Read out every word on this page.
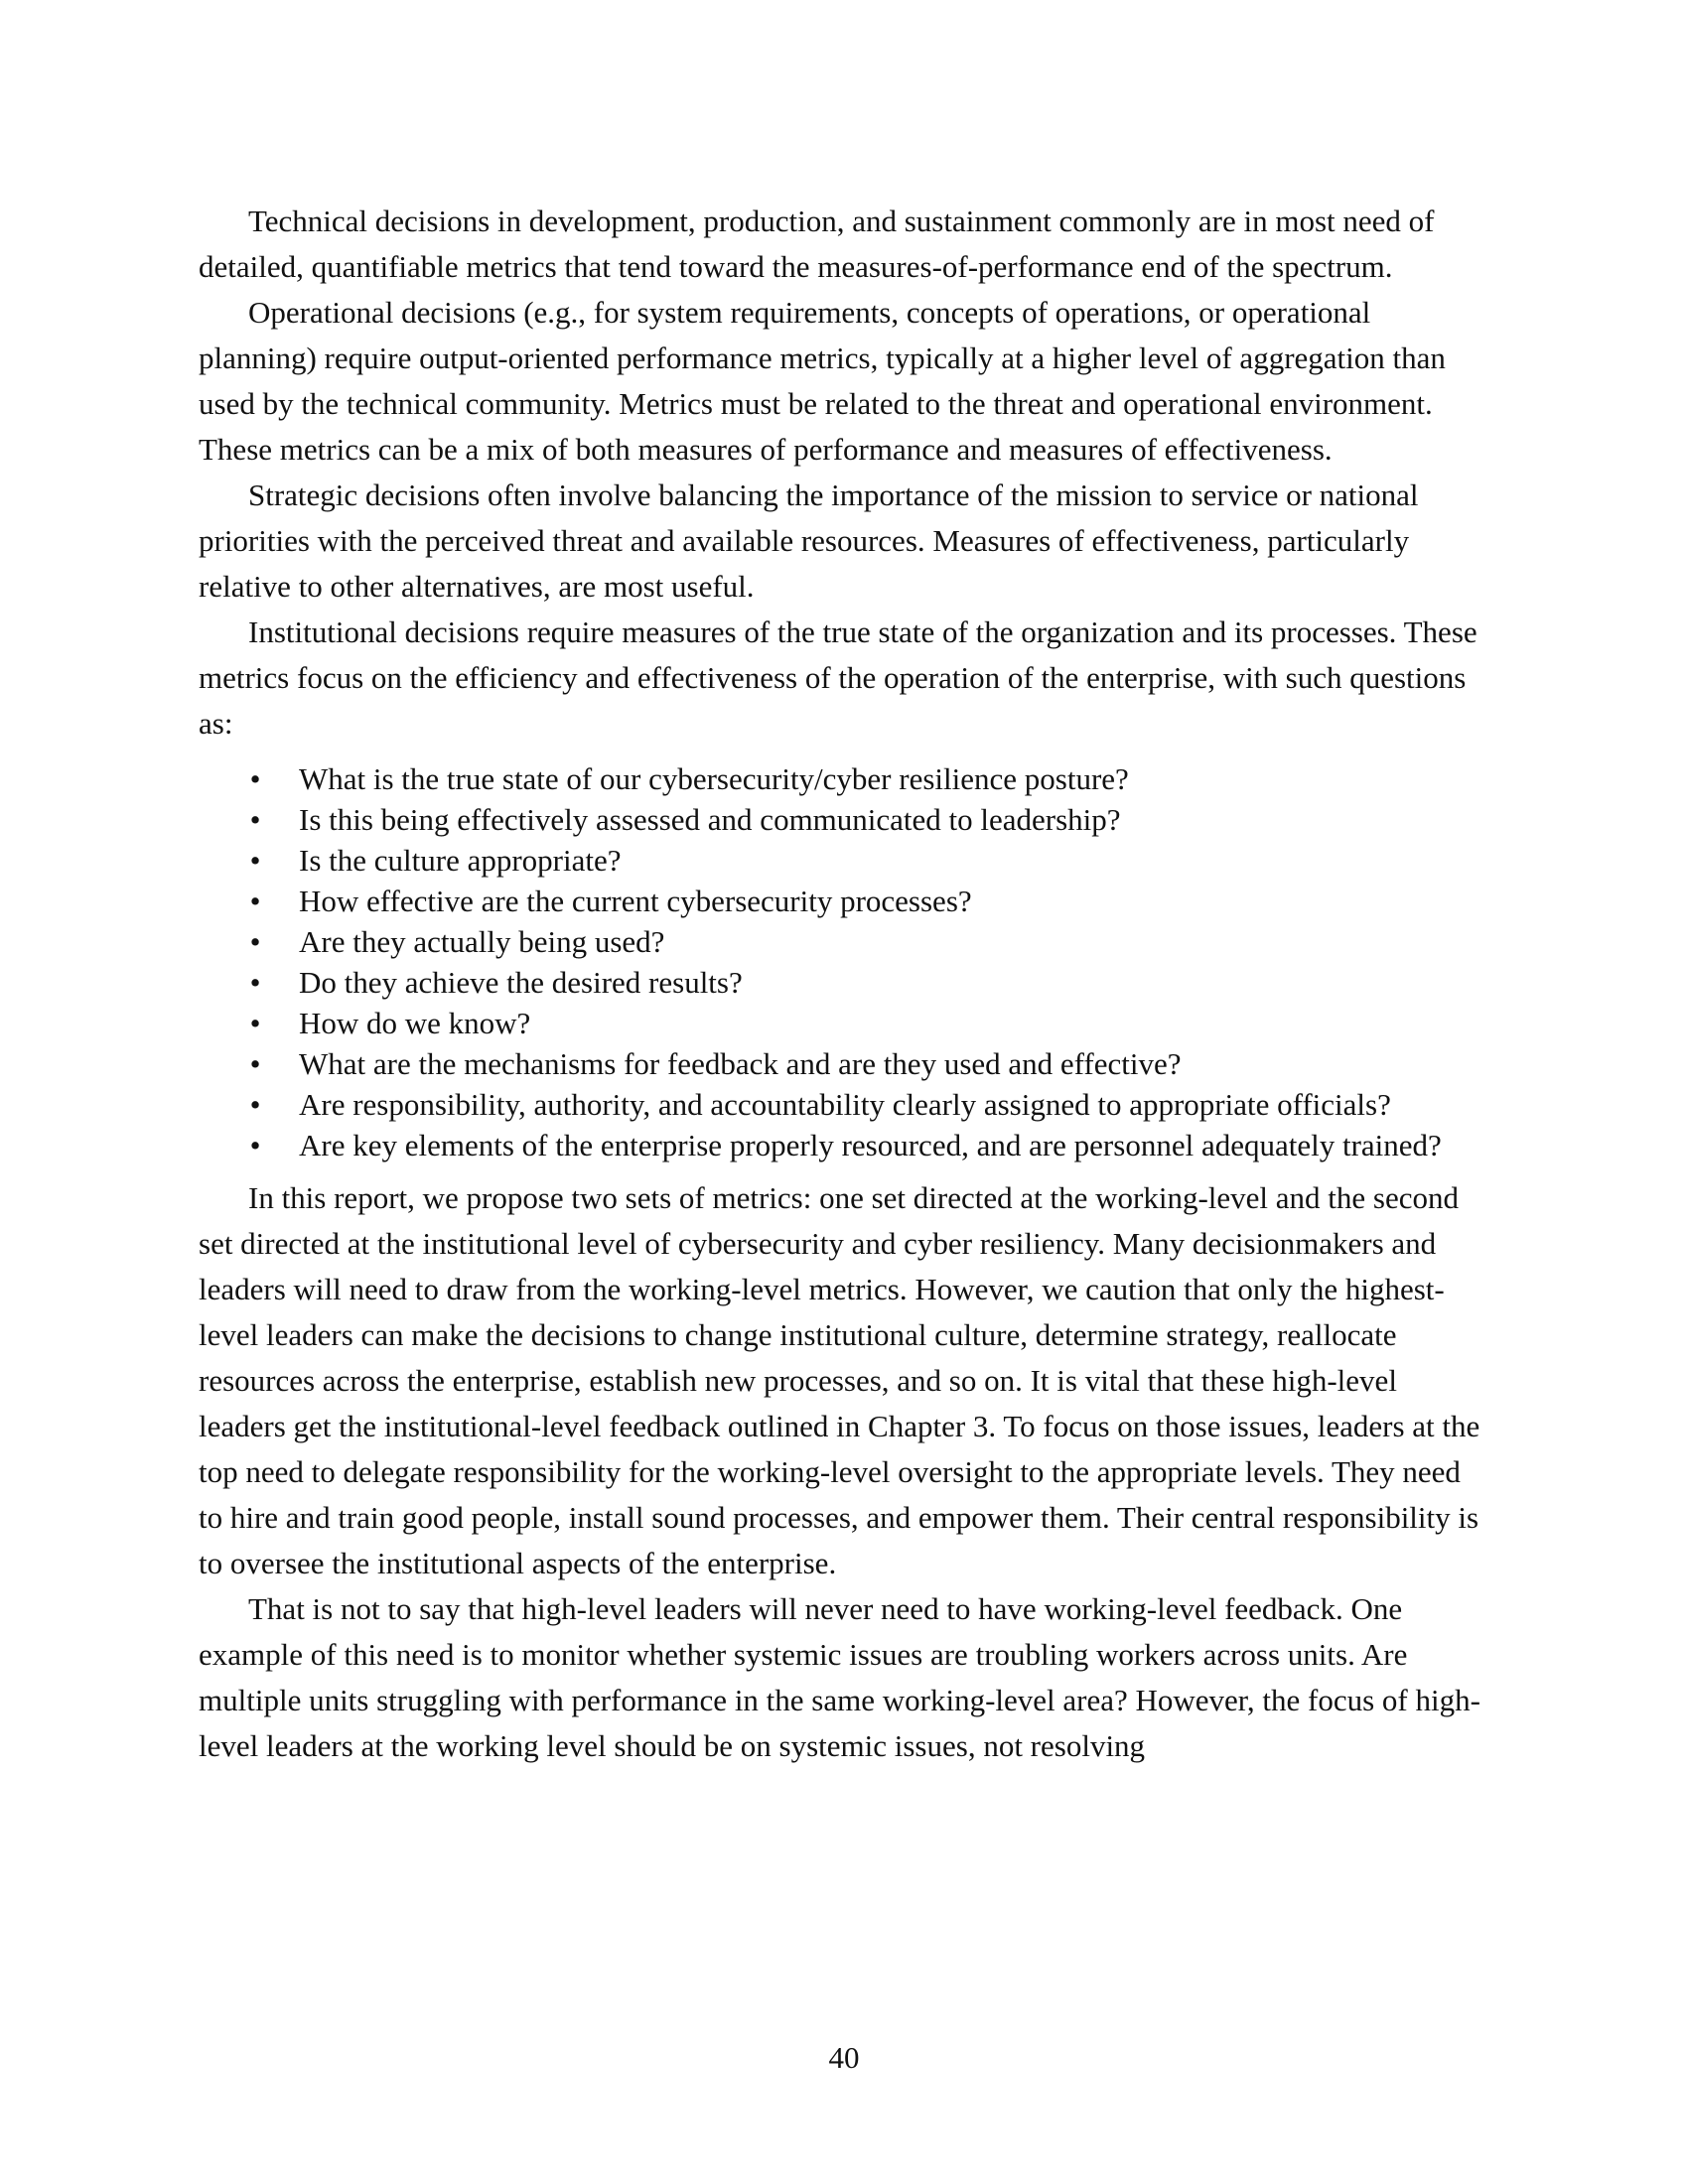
Technical decisions in development, production, and sustainment commonly are in most need of detailed, quantifiable metrics that tend toward the measures-of-performance end of the spectrum.

Operational decisions (e.g., for system requirements, concepts of operations, or operational planning) require output-oriented performance metrics, typically at a higher level of aggregation than used by the technical community. Metrics must be related to the threat and operational environment. These metrics can be a mix of both measures of performance and measures of effectiveness.

Strategic decisions often involve balancing the importance of the mission to service or national priorities with the perceived threat and available resources. Measures of effectiveness, particularly relative to other alternatives, are most useful.

Institutional decisions require measures of the true state of the organization and its processes. These metrics focus on the efficiency and effectiveness of the operation of the enterprise, with such questions as:

• What is the true state of our cybersecurity/cyber resilience posture?
• Is this being effectively assessed and communicated to leadership?
• Is the culture appropriate?
• How effective are the current cybersecurity processes?
• Are they actually being used?
• Do they achieve the desired results?
• How do we know?
• What are the mechanisms for feedback and are they used and effective?
• Are responsibility, authority, and accountability clearly assigned to appropriate officials?
• Are key elements of the enterprise properly resourced, and are personnel adequately trained?

In this report, we propose two sets of metrics: one set directed at the working-level and the second set directed at the institutional level of cybersecurity and cyber resiliency. Many decisionmakers and leaders will need to draw from the working-level metrics. However, we caution that only the highest-level leaders can make the decisions to change institutional culture, determine strategy, reallocate resources across the enterprise, establish new processes, and so on. It is vital that these high-level leaders get the institutional-level feedback outlined in Chapter 3. To focus on those issues, leaders at the top need to delegate responsibility for the working-level oversight to the appropriate levels. They need to hire and train good people, install sound processes, and empower them. Their central responsibility is to oversee the institutional aspects of the enterprise.

That is not to say that high-level leaders will never need to have working-level feedback. One example of this need is to monitor whether systemic issues are troubling workers across units. Are multiple units struggling with performance in the same working-level area? However, the focus of high-level leaders at the working level should be on systemic issues, not resolving

40
